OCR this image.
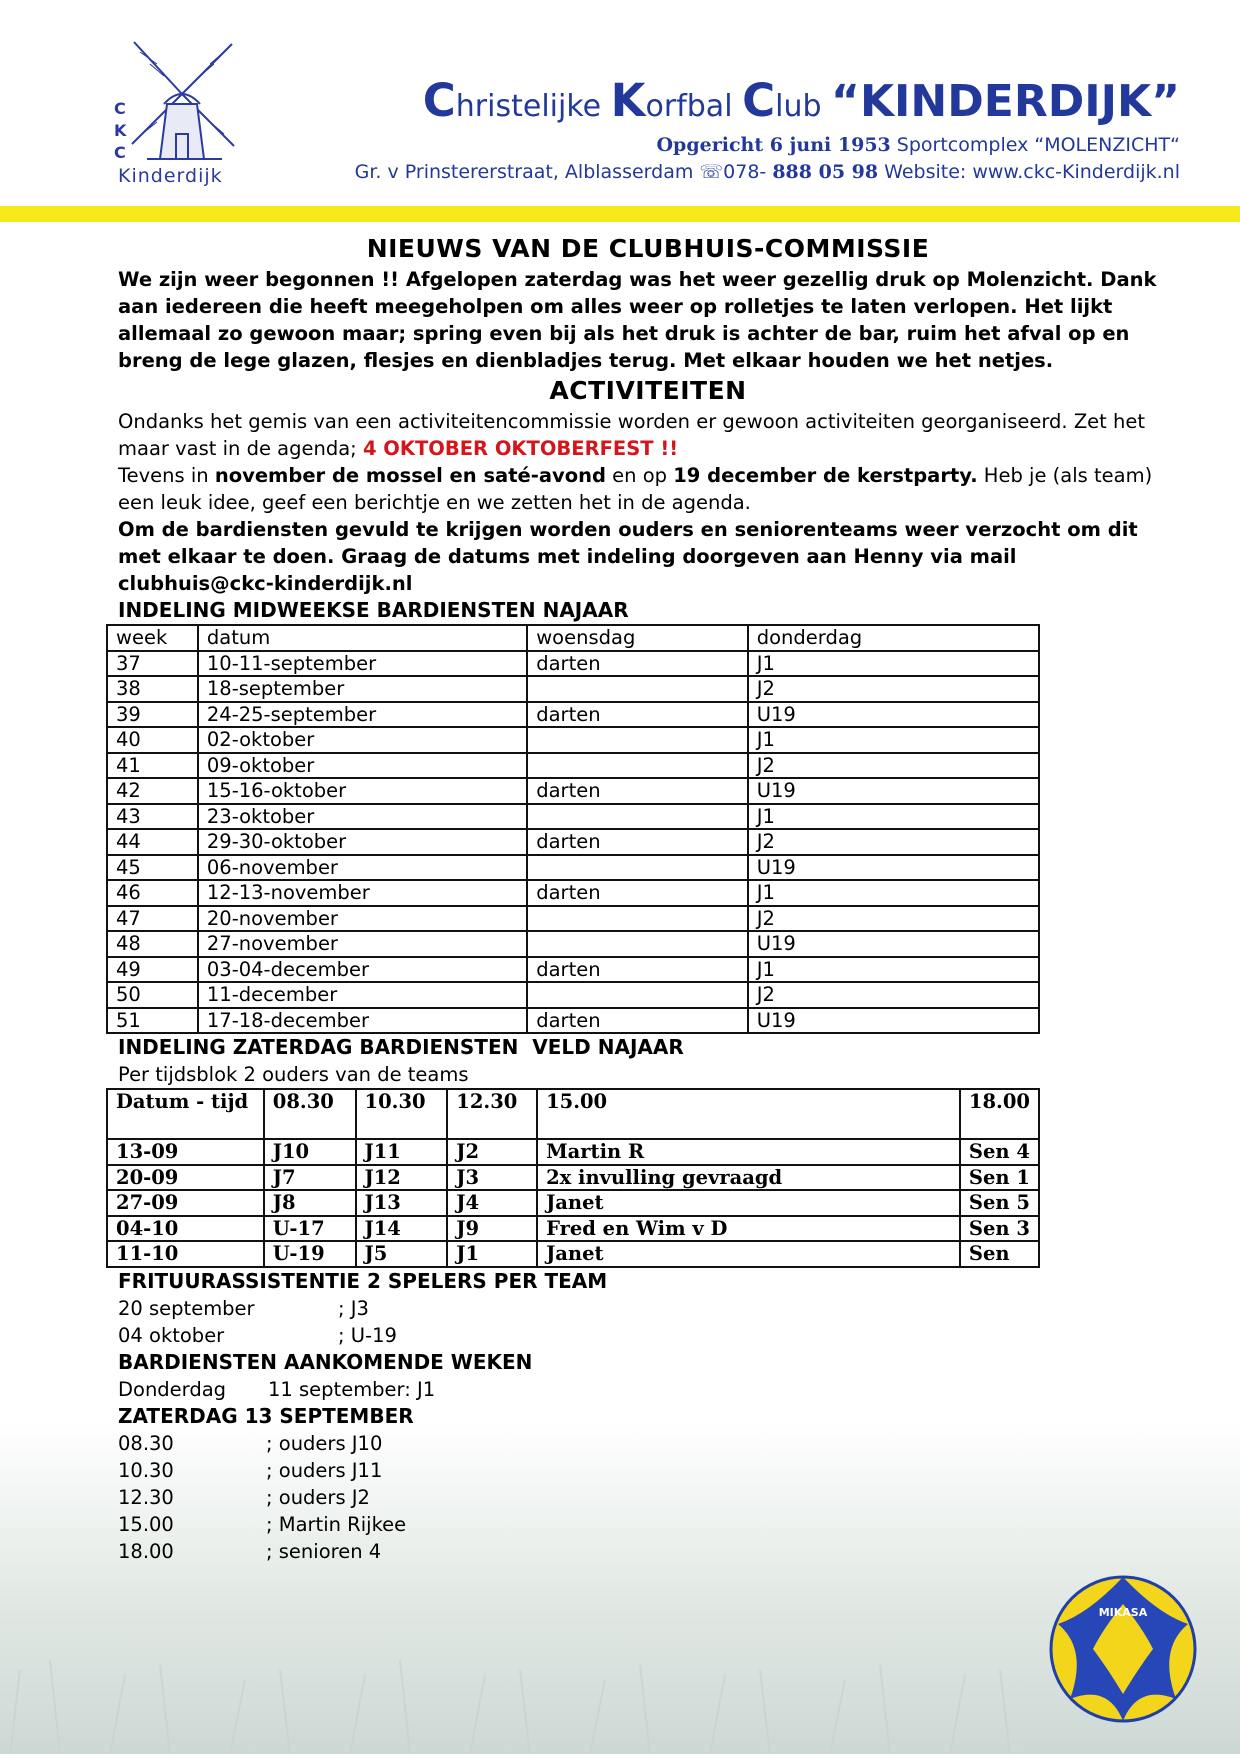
C
K
C
Kinderdijk
Christelijke Korfbal Club “KINDERDIJK”
Opgericht 6 juni 1953 Sportcomplex “MOLENZICHT“
Gr. v Prinstererstraat, Alblasserdam ☏078- 888 05 98 Website: www.ckc-Kinderdijk.nl
NIEUWS VAN DE CLUBHUIS-COMMISSIE

We zijn weer begonnen !! Afgelopen zaterdag was het weer gezellig druk op Molenzicht. Dank aan iedereen die heeft meegeholpen om alles weer op rolletjes te laten verlopen. Het lijkt allemaal zo gewoon maar; spring even bij als het druk is achter de bar, ruim het afval op en breng de lege glazen, flesjes en dienbladjes terug. Met elkaar houden we het netjes.

ACTIVITEITEN

Ondanks het gemis van een activiteitencommissie worden er gewoon activiteiten georganiseerd. Zet het maar vast in de agenda; 4 OKTOBER OKTOBERFEST !!

Tevens in november de mossel en saté-avond en op 19 december de kerstparty. Heb je (als team) een leuk idee, geef een berichtje en we zetten het in de agenda.

Om de bardiensten gevuld te krijgen worden ouders en seniorenteams weer verzocht om dit met elkaar te doen. Graag de datums met indeling doorgeven aan Henny via mail clubhuis@ckc-kinderdijk.nl

INDELING MIDWEEKSE BARDIENSTEN NAJAAR
week	datum	woensdag	donderdag
37	10-11-september	darten	J1
38	18-september		J2
39	24-25-september	darten	U19
40	02-oktober		J1
41	09-oktober		J2
42	15-16-oktober	darten	U19
43	23-oktober		J1
44	29-30-oktober	darten	J2
45	06-november		U19
46	12-13-november	darten	J1
47	20-november		J2
48	27-november		U19
49	03-04-december	darten	J1
50	11-december		J2
51	17-18-december	darten	U19
INDELING ZATERDAG BARDIENSTEN  VELD NAJAAR

Per tijdsblok 2 ouders van de teams

Datum - tijd	08.30	10.30	12.30	15.00	18.00
13-09	J10	J11	J2	Martin R	Sen 4
20-09	J7	J12	J3	2x invulling gevraagd	Sen 1
27-09	J8	J13	J4	Janet	Sen 5
04-10	U-17	J14	J9	Fred en Wim v D	Sen 3
11-10	U-19	J5	J1	Janet	Sen
FRITUURASSISTENTIE 2 SPELERS PER TEAM
20 september	; J3
04 oktober	; U-19
BARDIENSTEN AANKOMENDE WEKEN
Donderdag 11 september: J1
ZATERDAG 13 SEPTEMBER
08.30	; ouders J10
10.30	; ouders J11
12.30	; ouders J2
15.00	; Martin Rijkee
18.00	; senioren 4
MIKASA
